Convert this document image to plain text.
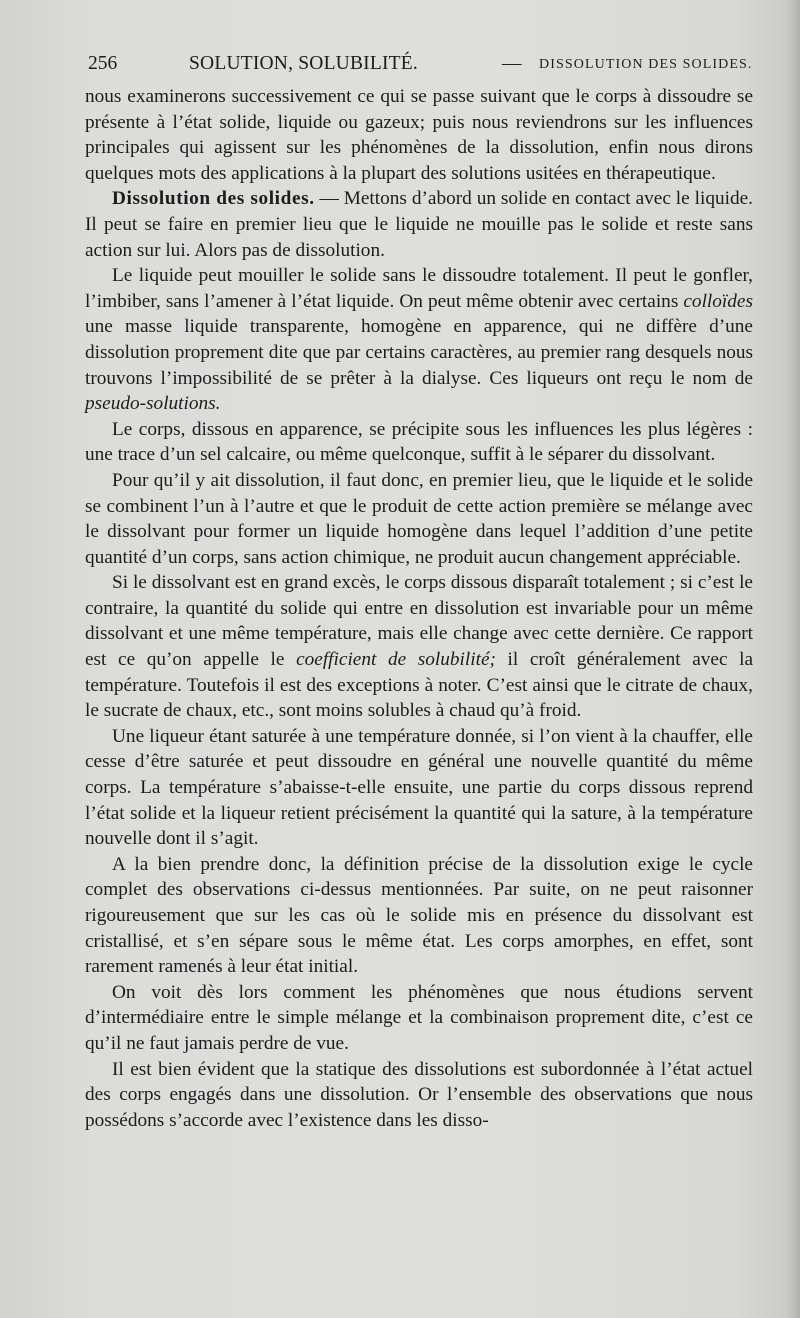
256	SOLUTION, SOLUBILITÉ.	— DISSOLUTION DES SOLIDES.

nous examinerons successivement ce qui se passe suivant que le corps à dissoudre se présente à l’état solide, liquide ou gazeux; puis nous reviendrons sur les influences principales qui agissent sur les phénomènes de la dissolution, enfin nous dirons quelques mots des applications à la plupart des solutions usitées en thérapeutique.

Dissolution des solides. — Mettons d’abord un solide en contact avec le liquide. Il peut se faire en premier lieu que le liquide ne mouille pas le solide et reste sans action sur lui. Alors pas de dissolution.

Le liquide peut mouiller le solide sans le dissoudre totalement. Il peut le gonfler, l’imbiber, sans l’amener à l’état liquide. On peut même obtenir avec certains colloïdes une masse liquide transparente, homogène en apparence, qui ne diffère d’une dissolution proprement dite que par certains caractères, au premier rang desquels nous trouvons l’impossibilité de se prêter à la dialyse. Ces liqueurs ont reçu le nom de pseudo-solutions.

Le corps, dissous en apparence, se précipite sous les influences les plus légères : une trace d’un sel calcaire, ou même quelconque, suffit à le séparer du dissolvant.

Pour qu’il y ait dissolution, il faut donc, en premier lieu, que le liquide et le solide se combinent l’un à l’autre et que le produit de cette action première se mélange avec le dissolvant pour former un liquide homogène dans lequel l’addition d’une petite quantité d’un corps, sans action chimique, ne produit aucun changement appréciable.

Si le dissolvant est en grand excès, le corps dissous disparaît totalement ; si c’est le contraire, la quantité du solide qui entre en dissolution est invariable pour un même dissolvant et une même température, mais elle change avec cette dernière. Ce rapport est ce qu’on appelle le coefficient de solubilité; il croît généralement avec la température. Toutefois il est des exceptions à noter. C’est ainsi que le citrate de chaux, le sucrate de chaux, etc., sont moins solubles à chaud qu’à froid.

Une liqueur étant saturée à une température donnée, si l’on vient à la chauffer, elle cesse d’être saturée et peut dissoudre en général une nouvelle quantité du même corps. La température s’abaisse-t-elle ensuite, une partie du corps dissous reprend l’état solide et la liqueur retient précisément la quantité qui la sature, à la température nouvelle dont il s’agit.

A la bien prendre donc, la définition précise de la dissolution exige le cycle complet des observations ci-dessus mentionnées. Par suite, on ne peut raisonner rigoureusement que sur les cas où le solide mis en présence du dissolvant est cristallisé, et s’en sépare sous le même état. Les corps amorphes, en effet, sont rarement ramenés à leur état initial.

On voit dès lors comment les phénomènes que nous étudions servent d’intermédiaire entre le simple mélange et la combinaison proprement dite, c’est ce qu’il ne faut jamais perdre de vue.

Il est bien évident que la statique des dissolutions est subordonnée à l’état actuel des corps engagés dans une dissolution. Or l’ensemble des observations que nous possédons s’accorde avec l’existence dans les disso-
